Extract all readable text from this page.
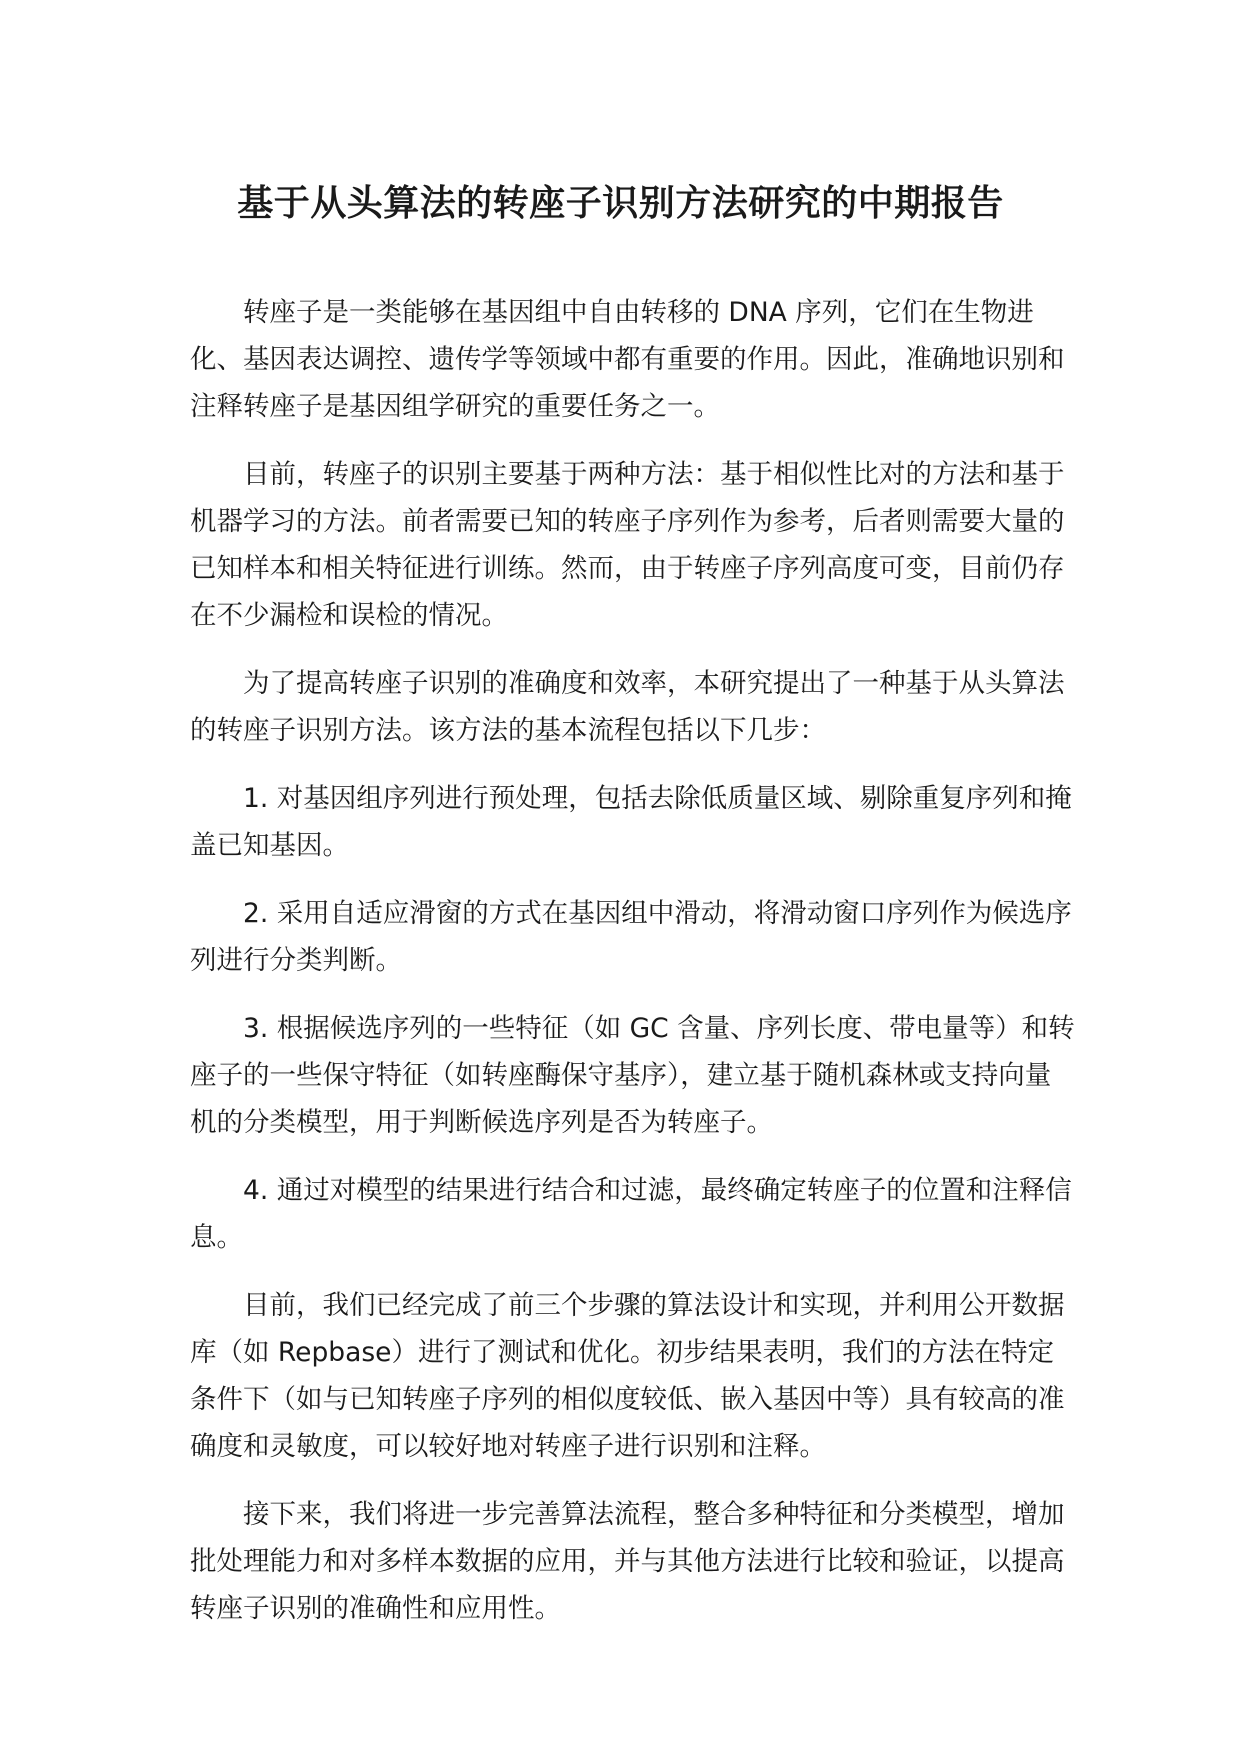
基于从头算法的转座子识别方法研究的中期报告

转座子是一类能够在基因组中自由转移的 DNA 序列，它们在生物进化、基因表达调控、遗传学等领域中都有重要的作用。因此，准确地识别和注释转座子是基因组学研究的重要任务之一。

目前，转座子的识别主要基于两种方法：基于相似性比对的方法和基于机器学习的方法。前者需要已知的转座子序列作为参考，后者则需要大量的已知样本和相关特征进行训练。然而，由于转座子序列高度可变，目前仍存在不少漏检和误检的情况。

为了提高转座子识别的准确度和效率，本研究提出了一种基于从头算法的转座子识别方法。该方法的基本流程包括以下几步：

1. 对基因组序列进行预处理，包括去除低质量区域、剔除重复序列和掩盖已知基因。

2. 采用自适应滑窗的方式在基因组中滑动，将滑动窗口序列作为候选序列进行分类判断。

3. 根据候选序列的一些特征（如 GC 含量、序列长度、带电量等）和转座子的一些保守特征（如转座酶保守基序），建立基于随机森林或支持向量机的分类模型，用于判断候选序列是否为转座子。

4. 通过对模型的结果进行结合和过滤，最终确定转座子的位置和注释信息。

目前，我们已经完成了前三个步骤的算法设计和实现，并利用公开数据库（如 Repbase）进行了测试和优化。初步结果表明，我们的方法在特定条件下（如与已知转座子序列的相似度较低、嵌入基因中等）具有较高的准确度和灵敏度，可以较好地对转座子进行识别和注释。

接下来，我们将进一步完善算法流程，整合多种特征和分类模型，增加批处理能力和对多样本数据的应用，并与其他方法进行比较和验证，以提高转座子识别的准确性和应用性。
